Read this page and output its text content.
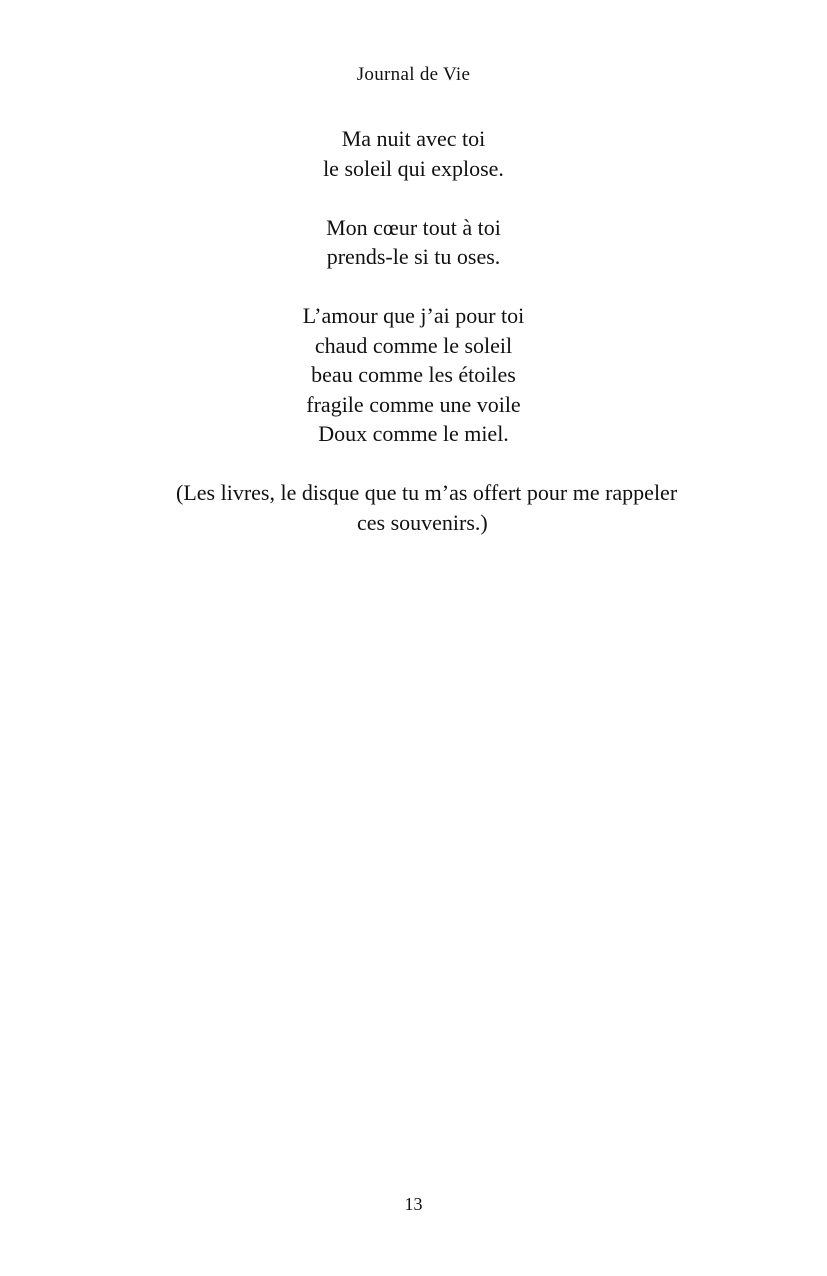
Journal de Vie
Ma nuit avec toi
le soleil qui explose.
Mon cœur tout à toi
prends-le si tu oses.
L’amour que j’ai pour toi
chaud comme le soleil
beau comme les étoiles
fragile comme une voile
Doux comme le miel.
(Les livres, le disque que tu m’as offert pour me rappeler
ces souvenirs.)
13
